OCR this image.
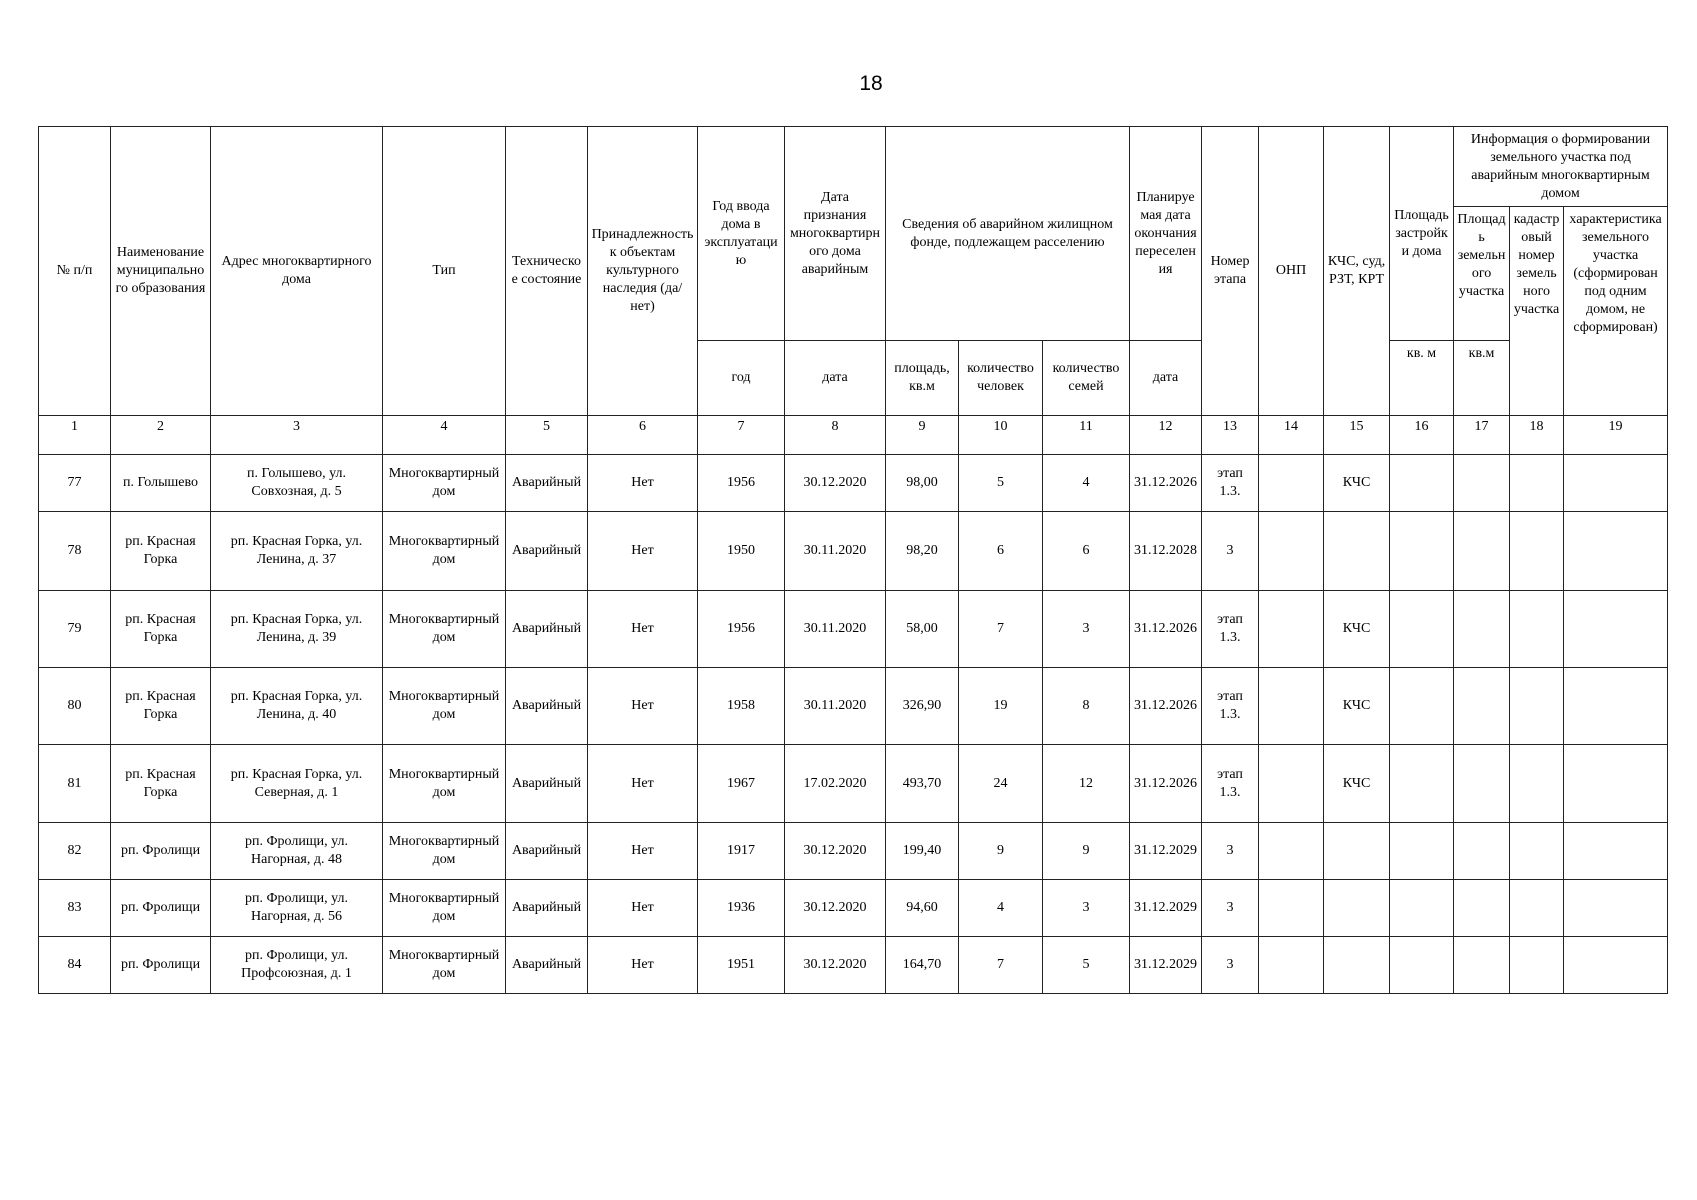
18
№ п/п	Наименование муниципального образования	Адрес многоквартирного дома	Тип	Техническое состояние	Принадлежность к объектам культурного наследия (да/нет)	Год ввода дома в эксплуатацию	Дата признания многоквартирного дома аварийным	Сведения об аварийном жилищном фонде, подлежащем расселению			Планируемая дата окончания переселения	Номер этапа	ОНП	КЧС, суд, РЗТ, КРТ	Площадь застройки дома	Информация о формировании земельного участка под аварийным многоквартирным домом		
																Площадь земельного участка	кадастровый номер земельного участка	характеристика земельного участка (сформирован под одним домом, не сформирован)
						год	дата	площадь, кв.м	количество человек	количество семей	дата				кв. м	кв.м		
1	2	3	4	5	6	7	8	9	10	11	12	13	14	15	16	17	18	19
77	п. Голышево	п. Голышево, ул. Совхозная, д. 5	Многоквартирный дом	Аварийный	Нет	1956	30.12.2020	98,00	5	4	31.12.2026	этап 1.3.		КЧС				
78	рп. Красная Горка	рп. Красная Горка, ул. Ленина, д. 37	Многоквартирный дом	Аварийный	Нет	1950	30.11.2020	98,20	6	6	31.12.2028	3						
79	рп. Красная Горка	рп. Красная Горка, ул. Ленина, д. 39	Многоквартирный дом	Аварийный	Нет	1956	30.11.2020	58,00	7	3	31.12.2026	этап 1.3.		КЧС				
80	рп. Красная Горка	рп. Красная Горка, ул. Ленина, д. 40	Многоквартирный дом	Аварийный	Нет	1958	30.11.2020	326,90	19	8	31.12.2026	этап 1.3.		КЧС				
81	рп. Красная Горка	рп. Красная Горка, ул. Северная, д. 1	Многоквартирный дом	Аварийный	Нет	1967	17.02.2020	493,70	24	12	31.12.2026	этап 1.3.		КЧС				
82	рп. Фролищи	рп. Фролищи, ул. Нагорная, д. 48	Многоквартирный дом	Аварийный	Нет	1917	30.12.2020	199,40	9	9	31.12.2029	3						
83	рп. Фролищи	рп. Фролищи, ул. Нагорная, д. 56	Многоквартирный дом	Аварийный	Нет	1936	30.12.2020	94,60	4	3	31.12.2029	3						
84	рп. Фролищи	рп. Фролищи, ул. Профсоюзная, д. 1	Многоквартирный дом	Аварийный	Нет	1951	30.12.2020	164,70	7	5	31.12.2029	3						
